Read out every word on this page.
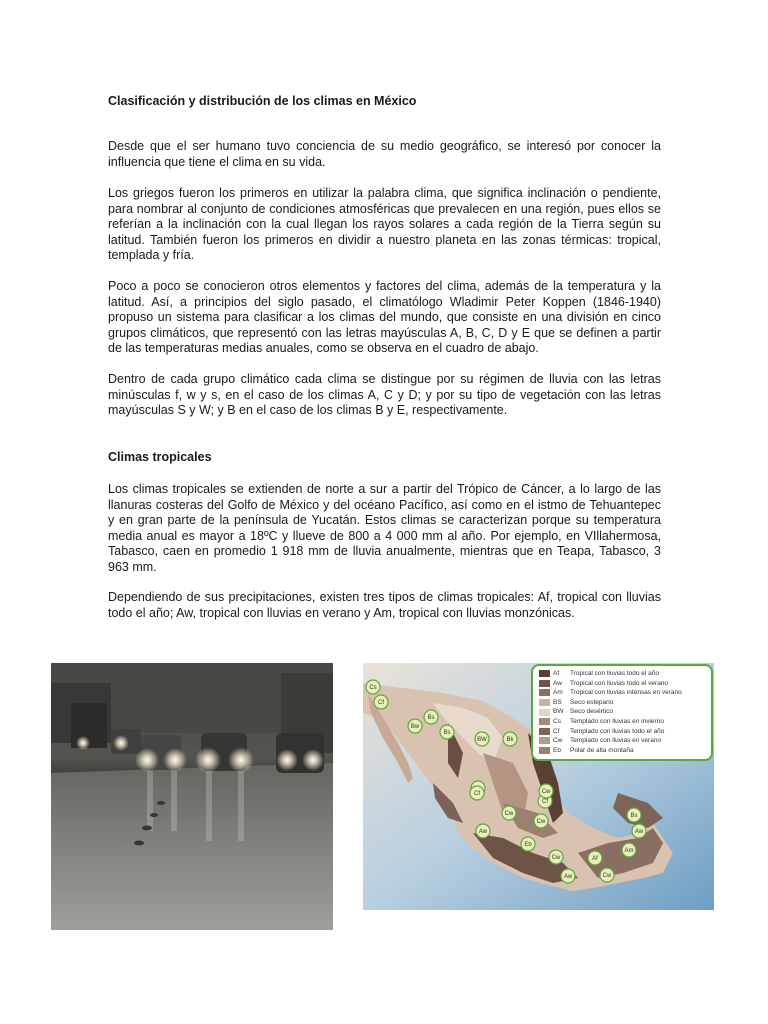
Clasificación y distribución de los climas en México

Desde que el ser humano tuvo conciencia de su medio geográfico, se interesó por conocer la influencia que tiene el clima en su vida.

Los griegos fueron los primeros en utilizar la palabra clima, que significa inclinación o pendiente, para nombrar al conjunto de condiciones atmosféricas que prevalecen en una región, pues ellos se referían a la inclinación con la cual llegan los rayos solares a cada región de la Tierra según su latitud. También fueron los primeros en dividir a nuestro planeta en las zonas térmicas: tropical, templada y fría.

Poco a poco se conocieron otros elementos y factores del clima, además de la temperatura y la latitud. Así, a principios del siglo pasado, el climatólogo Wladimir Peter Koppen (1846-1940) propuso un sistema para clasificar a los climas del mundo, que consiste en una división en cinco grupos climáticos, que representó con las letras mayúsculas A, B, C, D y E que se definen a partir de las temperaturas medias anuales, como se observa en el cuadro de abajo.

Dentro de cada grupo climático cada clima se distingue por su régimen de lluvia con las letras minúsculas f, w y s, en el caso de los climas A, C y D; y por su tipo de vegetación con las letras mayúsculas S y W; y B en el caso de los climas B y E, respectivamente.

Climas tropicales

Los climas tropicales se extienden de norte a sur a partir del Trópico de Cáncer, a lo largo de las llanuras costeras del Golfo de México y del océano Pacífico, así como en el istmo de Tehuantepec y en gran parte de la península de Yucatán. Estos climas se caracterizan porque su temperatura media anual es mayor a 18ºC y llueve de 800 a 4 000 mm al año. Por ejemplo, en VIllahermosa, Tabasco, caen en promedio 1 918 mm de lluvia anualmente, mientras que en Teapa, Tabasco, 3 963 mm.

Dependiendo de sus precipitaciones, existen tres tipos de climas tropicales: Af, tropical con lluvias todo el año; Aw, tropical con lluvias en verano y Am, tropical con lluvias monzónicas.

Cs
Cf
Bs
Bw
Bs
BW	Bk
Cf
Cf
Cw
Cw
Cw
Aw
Eb
Cw	Af
Aw	Cw
Bs
Aw
Am
Af	Tropical con lluvias todo el año
Aw	Tropical con lluvias todo el verano
Am	Tropical con lluvias intensas en verano
BS	Seco estepario
BW	Seco desértico
Cs	Templado con lluvias en invierno
Cf	Templado con lluvias todo el año
Cw	Templado con lluvias en verano
Eb	Polar de alta montaña
